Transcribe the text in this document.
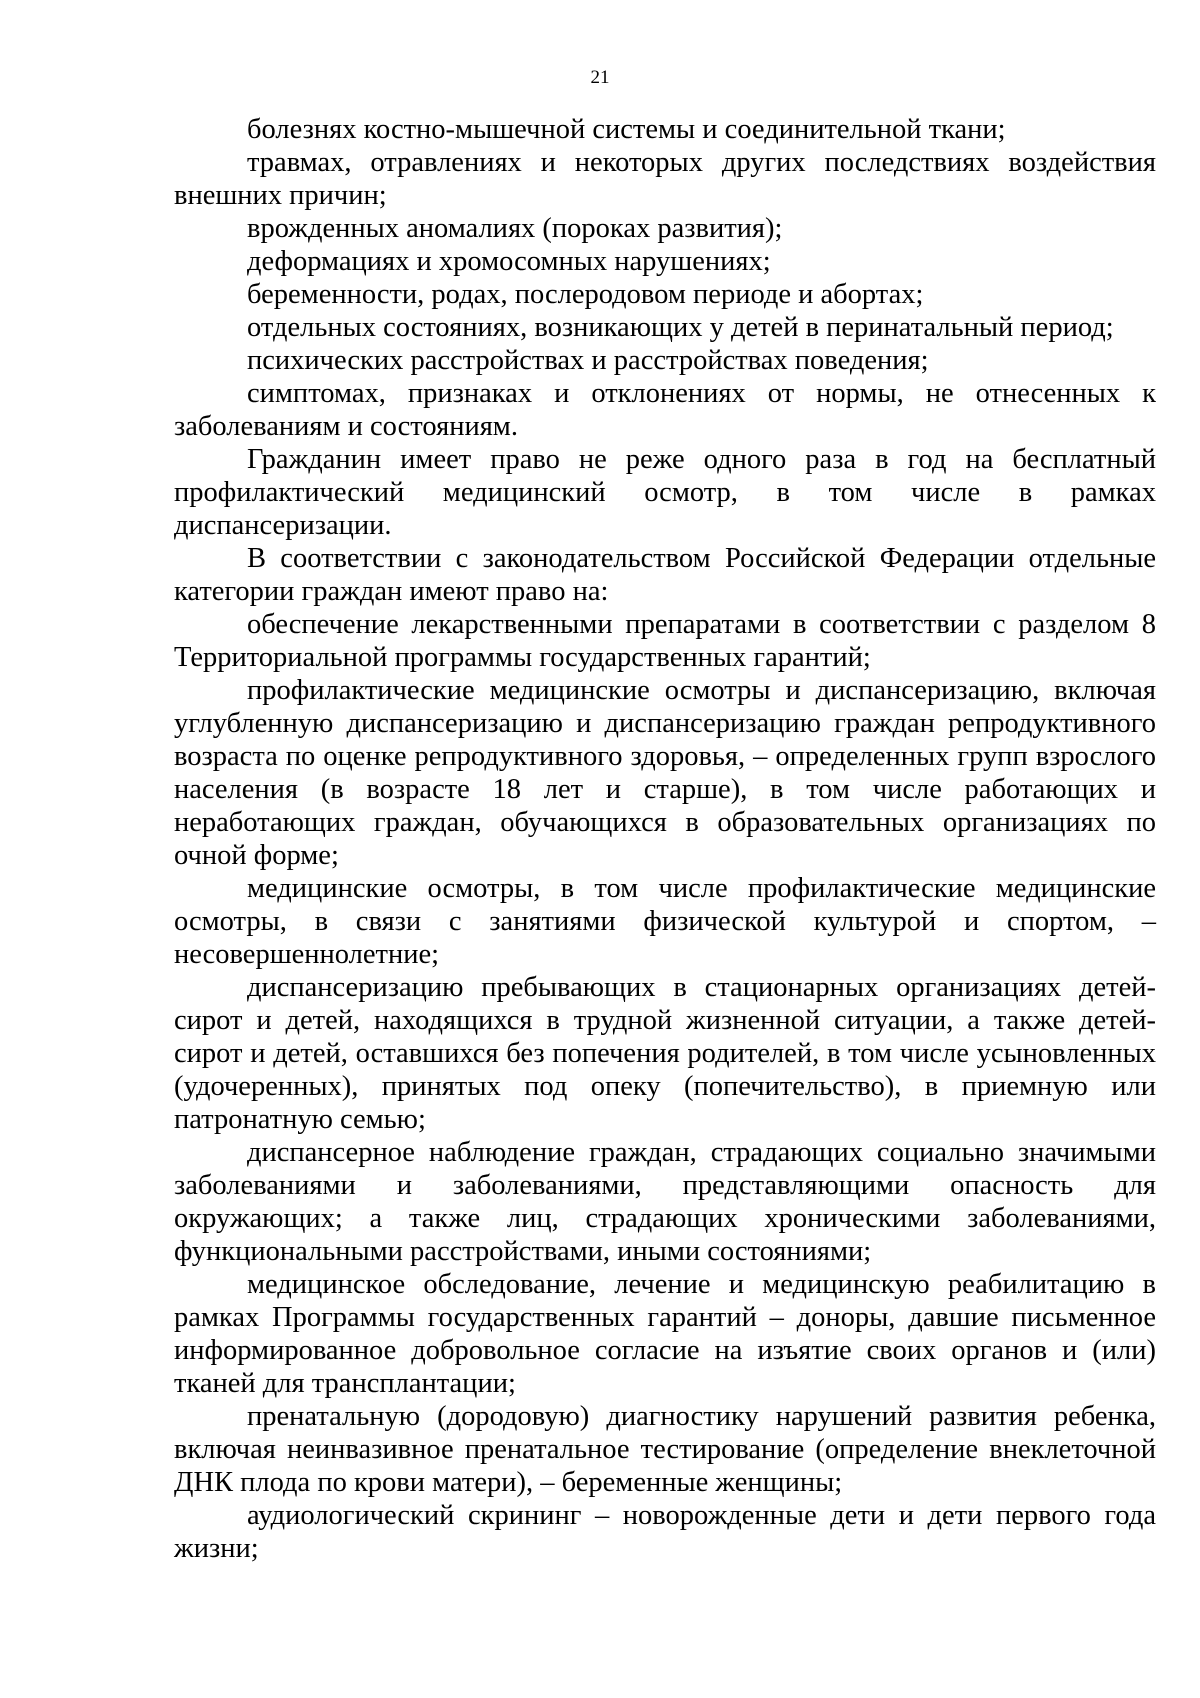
21

болезнях костно-мышечной системы и соединительной ткани;

травмах, отравлениях и некоторых других последствиях воздействия внешних причин;

врожденных аномалиях (пороках развития);

деформациях и хромосомных нарушениях;

беременности, родах, послеродовом периоде и абортах;

отдельных состояниях, возникающих у детей в перинатальный период;

психических расстройствах и расстройствах поведения;

симптомах, признаках и отклонениях от нормы, не отнесенных к заболеваниям и состояниям.

Гражданин имеет право не реже одного раза в год на бесплатный профилактический медицинский осмотр, в том числе в рамках диспансеризации.

В соответствии с законодательством Российской Федерации отдельные категории граждан имеют право на:

обеспечение лекарственными препаратами в соответствии с разделом 8 Территориальной программы государственных гарантий;

профилактические медицинские осмотры и диспансеризацию, включая углубленную диспансеризацию и диспансеризацию граждан репродуктивного возраста по оценке репродуктивного здоровья, – определенных групп взрослого населения (в возрасте 18 лет и старше), в том числе работающих и неработающих граждан, обучающихся в образовательных организациях по очной форме;

медицинские осмотры, в том числе профилактические медицинские осмотры, в связи с занятиями физической культурой и спортом, – несовершеннолетние;

диспансеризацию пребывающих в стационарных организациях детей-сирот и детей, находящихся в трудной жизненной ситуации, а также детей-сирот и детей, оставшихся без попечения родителей, в том числе усыновленных (удочеренных), принятых под опеку (попечительство), в приемную или патронатную семью;

диспансерное наблюдение граждан, страдающих социально значимыми заболеваниями и заболеваниями, представляющими опасность для окружающих; а также лиц, страдающих хроническими заболеваниями, функциональными расстройствами, иными состояниями;

медицинское обследование, лечение и медицинскую реабилитацию в рамках Программы государственных гарантий – доноры, давшие письменное информированное добровольное согласие на изъятие своих органов и (или) тканей для трансплантации;

пренатальную (дородовую) диагностику нарушений развития ребенка, включая неинвазивное пренатальное тестирование (определение внеклеточной ДНК плода по крови матери), – беременные женщины;

аудиологический скрининг – новорожденные дети и дети первого года жизни;
